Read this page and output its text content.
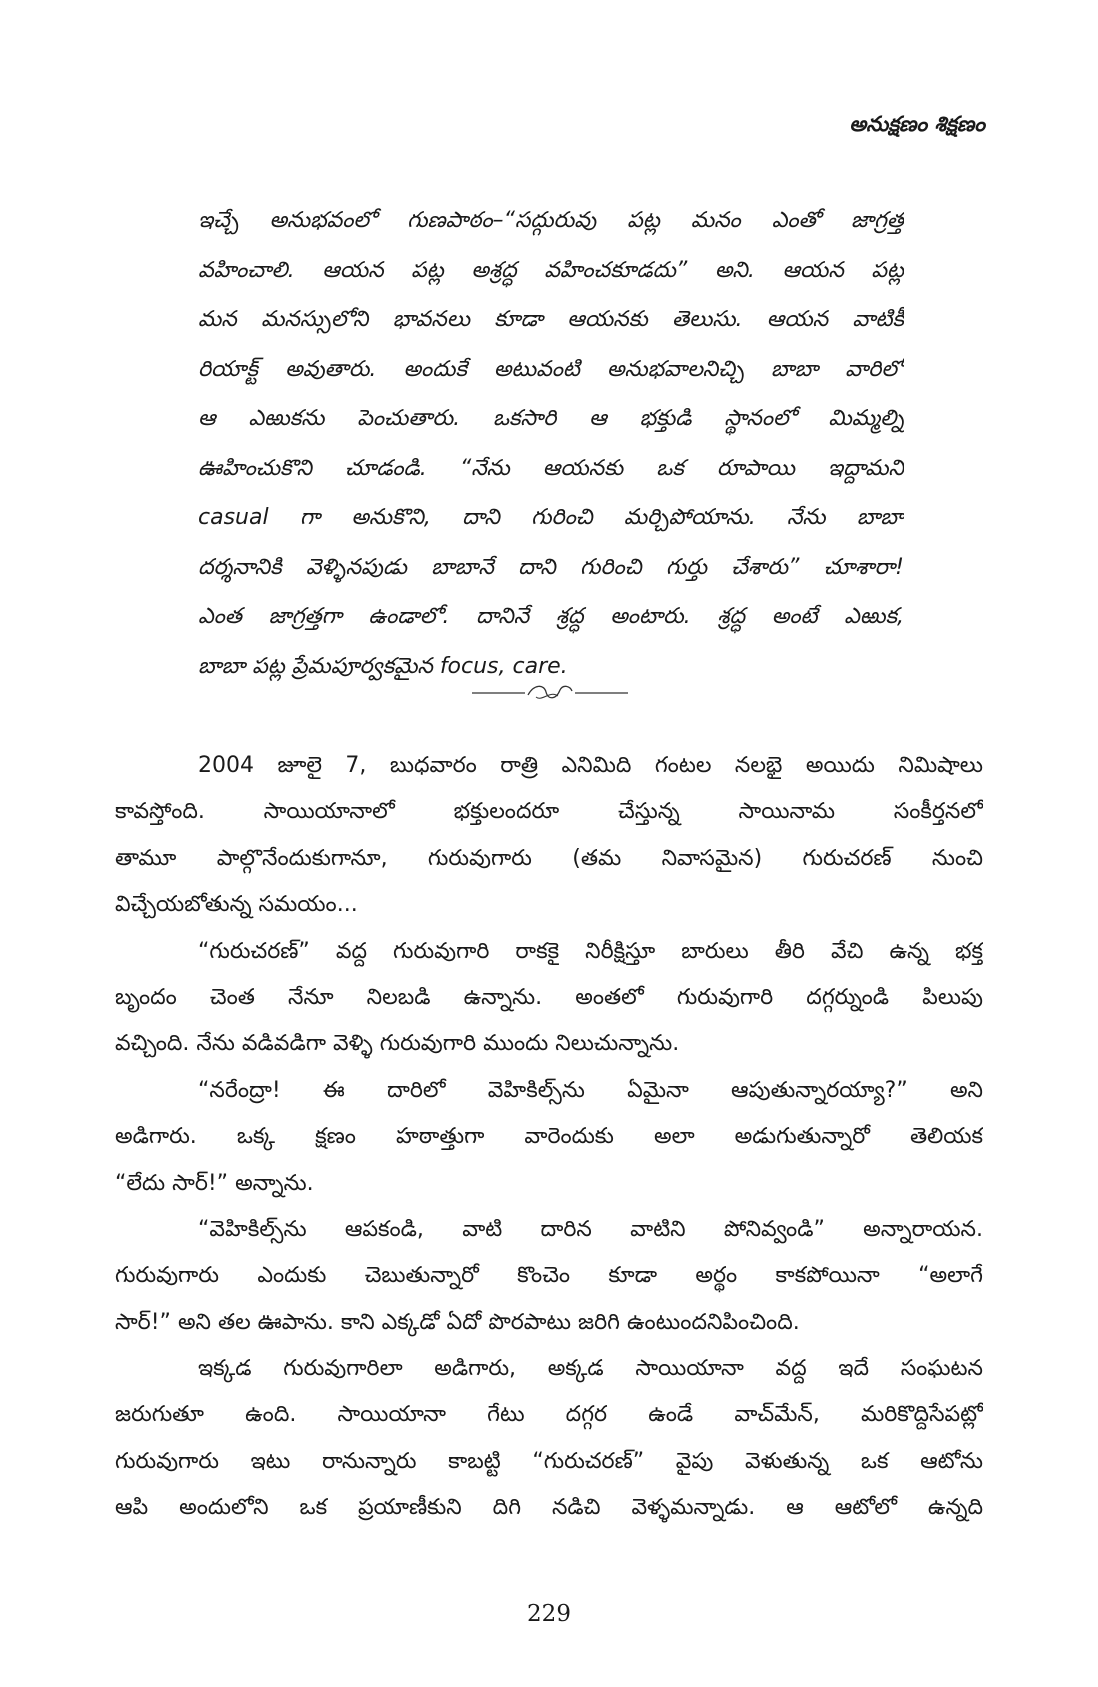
అనుక్షణం శిక్షణం
ఇచ్చే అనుభవంలో గుణపాఠం–“సద్గురువు పట్ల మనం ఎంతో జాగ్రత్త
వహించాలి. ఆయన పట్ల అశ్రద్ధ వహించకూడదు” అని. ఆయన పట్ల
మన మనస్సులోని భావనలు కూడా ఆయనకు తెలుసు. ఆయన వాటికీ
రియాక్ట్ అవుతారు. అందుకే అటువంటి అనుభవాలనిచ్చి బాబా వారిలో
ఆ ఎఱుకను పెంచుతారు. ఒకసారి ఆ భక్తుడి స్థానంలో మిమ్మల్ని
ఊహించుకొని చూడండి. “నేను ఆయనకు ఒక రూపాయి ఇద్దామని
casual గా అనుకొని, దాని గురించి మర్చిపోయాను. నేను బాబా
దర్శనానికి వెళ్ళినపుడు బాబానే దాని గురించి గుర్తు చేశారు” చూశారా!
ఎంత జాగ్రత్తగా ఉండాలో. దానినే శ్రద్ధ అంటారు. శ్రద్ధ అంటే ఎఱుక,
బాబా పట్ల ప్రేమపూర్వకమైన focus, care.
2004 జూలై 7, బుధవారం రాత్రి ఎనిమిది గంటల నలభై అయిదు నిమిషాలు
కావస్తోంది. సాయియానాలో భక్తులందరూ చేస్తున్న సాయినామ సంకీర్తనలో
తామూ పాల్గొనేందుకుగానూ, గురువుగారు (తమ నివాసమైన) గురుచరణ్ నుంచి
విచ్చేయబోతున్న సమయం...
“గురుచరణ్” వద్ద గురువుగారి రాకకై నిరీక్షిస్తూ బారులు తీరి వేచి ఉన్న భక్త
బృందం చెంత నేనూ నిలబడి ఉన్నాను. అంతలో గురువుగారి దగ్గర్నుండి పిలుపు
వచ్చింది. నేను వడివడిగా వెళ్ళి గురువుగారి ముందు నిలుచున్నాను.
“నరేంద్రా! ఈ దారిలో వెహికిల్స్‌ను ఏమైనా ఆపుతున్నారయ్యా?” అని
అడిగారు. ఒక్క క్షణం హఠాత్తుగా వారెందుకు అలా అడుగుతున్నారో తెలియక
“లేదు సార్!” అన్నాను.
“వెహికిల్స్‌ను ఆపకండి, వాటి దారిన వాటిని పోనివ్వండి” అన్నారాయన.
గురువుగారు ఎందుకు చెబుతున్నారో కొంచెం కూడా అర్థం కాకపోయినా “అలాగే
సార్!” అని తల ఊపాను. కాని ఎక్కడో ఏదో పొరపాటు జరిగి ఉంటుందనిపించింది.
ఇక్కడ గురువుగారిలా అడిగారు, అక్కడ సాయియానా వద్ద ఇదే సంఘటన
జరుగుతూ ఉంది. సాయియానా గేటు దగ్గర ఉండే వాచ్‌మేన్, మరికొద్దిసేపట్లో
గురువుగారు ఇటు రానున్నారు కాబట్టి “గురుచరణ్” వైపు వెళుతున్న ఒక ఆటోను
ఆపి అందులోని ఒక ప్రయాణీకుని దిగి నడిచి వెళ్ళమన్నాడు. ఆ ఆటోలో ఉన్నది
229
